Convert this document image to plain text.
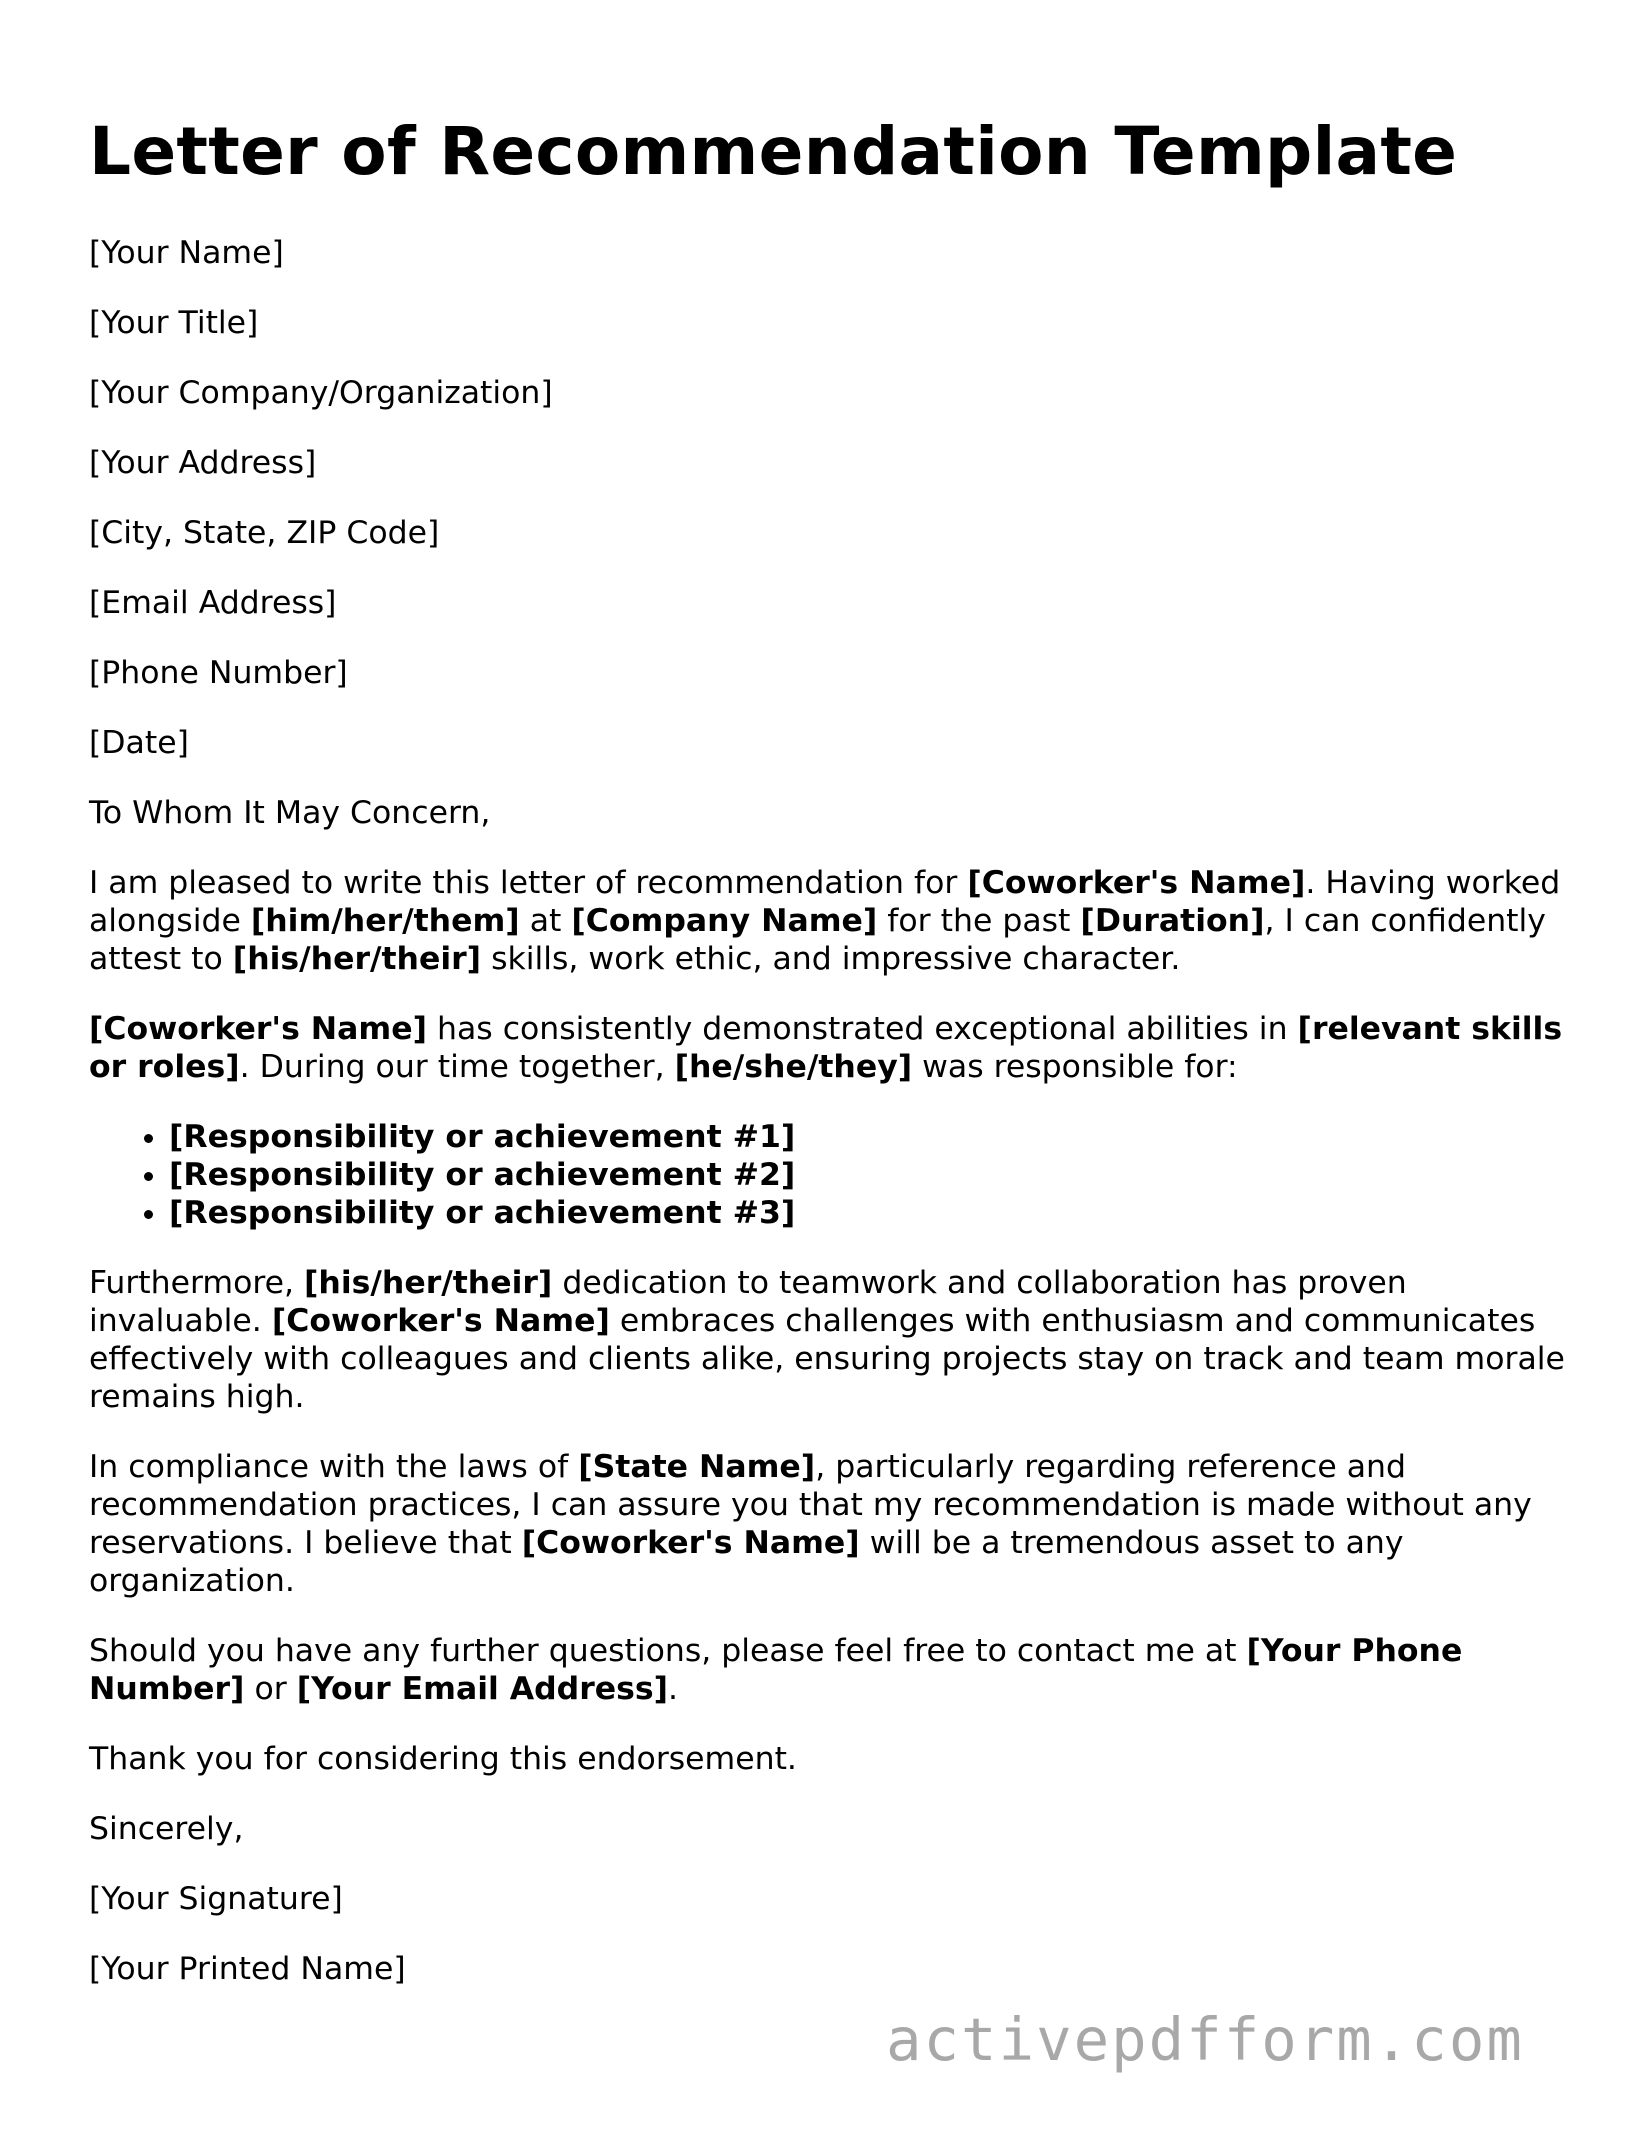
Letter of Recommendation Template

[Your Name]

[Your Title]

[Your Company/Organization]

[Your Address]

[City, State, ZIP Code]

[Email Address]

[Phone Number]

[Date]

To Whom It May Concern,

I am pleased to write this letter of recommendation for [Coworker's Name]. Having worked alongside [him/her/them] at [Company Name] for the past [Duration], I can confidently attest to [his/her/their] skills, work ethic, and impressive character.

[Coworker's Name] has consistently demonstrated exceptional abilities in [relevant skills or roles]. During our time together, [he/she/they] was responsible for:

• [Responsibility or achievement #1]
• [Responsibility or achievement #2]
• [Responsibility or achievement #3]

Furthermore, [his/her/their] dedication to teamwork and collaboration has proven invaluable. [Coworker's Name] embraces challenges with enthusiasm and communicates effectively with colleagues and clients alike, ensuring projects stay on track and team morale remains high.

In compliance with the laws of [State Name], particularly regarding reference and recommendation practices, I can assure you that my recommendation is made without any reservations. I believe that [Coworker's Name] will be a tremendous asset to any organization.

Should you have any further questions, please feel free to contact me at [Your Phone Number] or [Your Email Address].

Thank you for considering this endorsement.

Sincerely,

[Your Signature]

[Your Printed Name]

activepdfform.com
